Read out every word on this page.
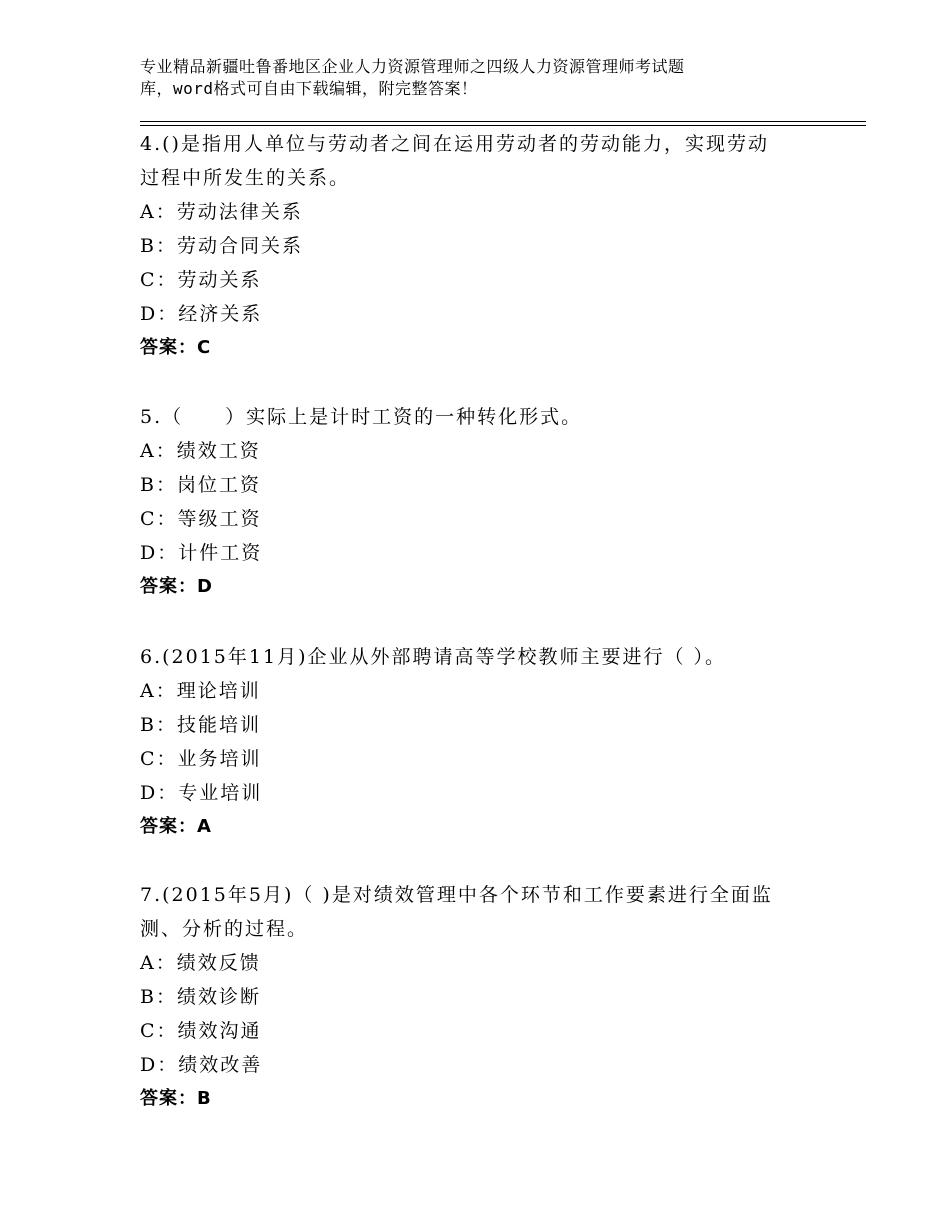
专业精品新疆吐鲁番地区企业人力资源管理师之四级人力资源管理师考试题
库，word格式可自由下载编辑，附完整答案！
4.()是指用人单位与劳动者之间在运用劳动者的劳动能力，实现劳动
过程中所发生的关系。
A：劳动法律关系
B：劳动合同关系
C：劳动关系
D：经济关系
答案：C
5.（　　）实际上是计时工资的一种转化形式。
A：绩效工资
B：岗位工资
C：等级工资
D：计件工资
答案：D
6.(2015年11月)企业从外部聘请高等学校教师主要进行（ ）。
A：理论培训
B：技能培训
C：业务培训
D：专业培训
答案：A
7.(2015年5月)（ )是对绩效管理中各个环节和工作要素进行全面监
测、分析的过程。
A：绩效反馈
B：绩效诊断
C：绩效沟通
D：绩效改善
答案：B
